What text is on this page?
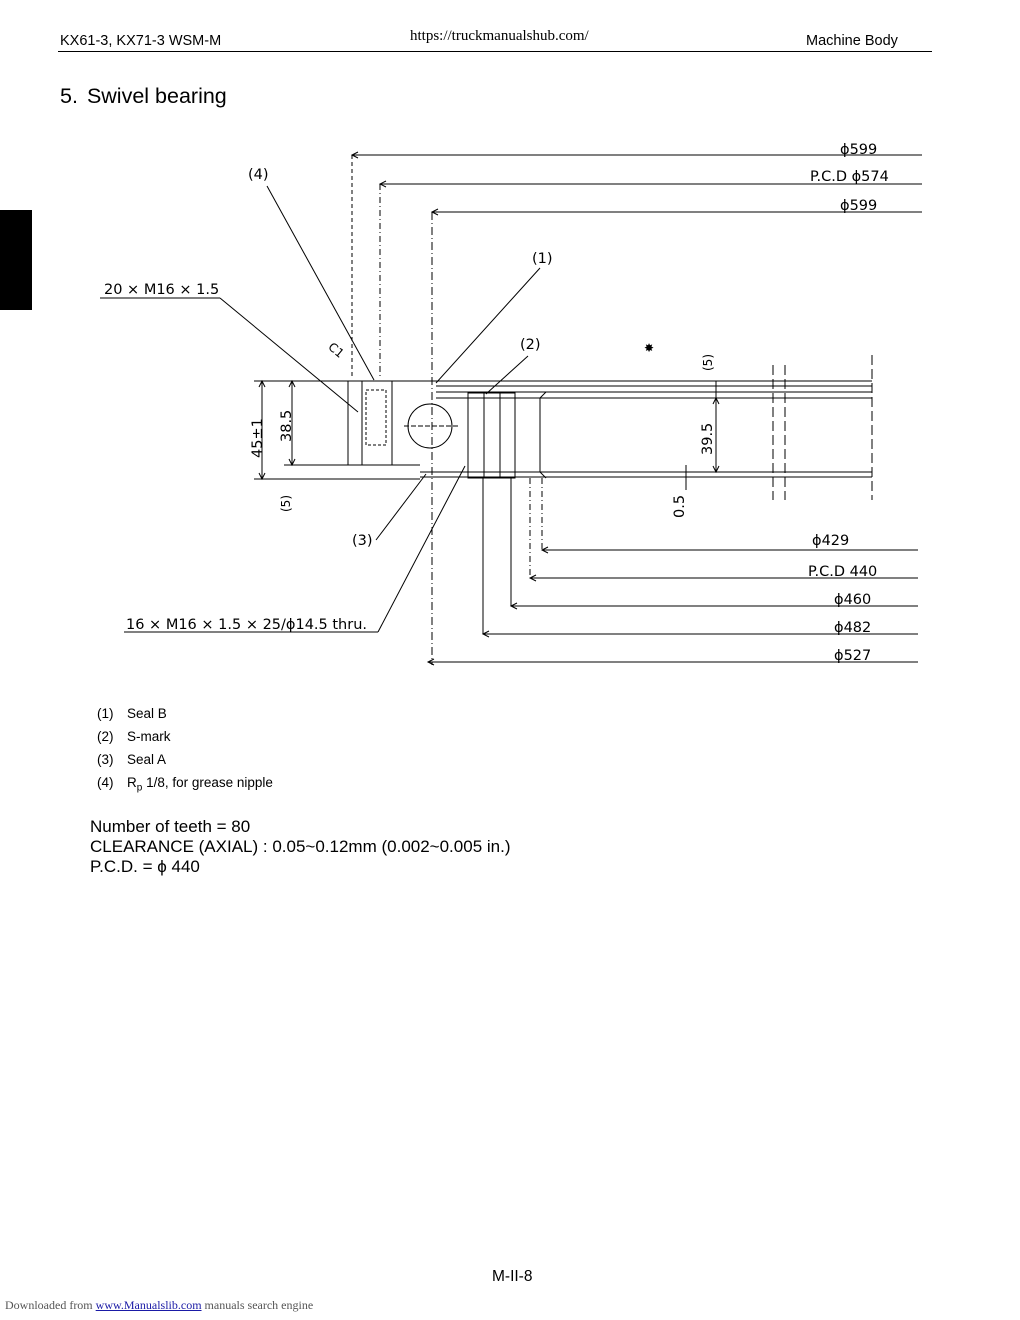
KX61-3, KX71-3 WSM-M	https://truckmanualshub.com/	Machine Body
5. Swivel bearing
(4)
(1)
(2)
(3)
20 × M16 × 1.5
16 × M16 × 1.5 × 25/ϕ14.5 thru.
C1
ϕ599
P.C.D ϕ574
ϕ599
ϕ429
P.C.D 440
ϕ460
ϕ482
ϕ527
45±1 38.5
(5)
(5)
39.5
0.5
✸
(1)	Seal B
(2)	S-mark
(3)	Seal A
(4)	$R_p$ 1/8, for grease nipple
Number of teeth = 80
CLEARANCE (AXIAL) : 0.05~0.12mm (0.002~0.005 in.)
P.C.D. = ϕ 440
M-II-8
Downloaded from www.Manualslib.com manuals search engine
